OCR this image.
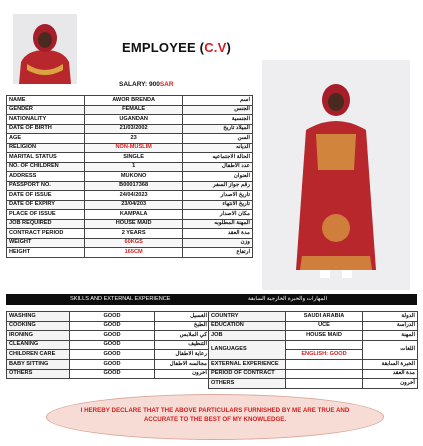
EMPLOYEE (C.V)
SALARY: 900SAR
NAME	AWOR BRENDA	اسم
GENDER	FEMALE	الجنس
NATIONALITY	UGANDAN	الجنسية
DATE OF BIRTH	21/03/2002	الميلاد تاريخ
AGE	23	السن
RELIGION	NON-MUSLIM	الديانه
MARITAL STATUS	SINGLE	الحالة الاجتماعيه
NO. OF CHILDREN	1	عدد الاطفال
ADDRESS	MUKONO	العنوان
PASSPORT NO.	B00017368	رقم جواز السفر
DATE OF ISSUE	24/04/2023	تاريخ الاصدار
DATE OF EXPIRY	23/04/203	تاريخ الانتهاء
PLACE OF ISSUE	KAMPALA	مكان الاصدار
JOB REQUIRED	HOUSE MAID	المهنة المطلوبه
CONTRACT PERIOD	2 YEARS	مدة العقد
WEIGHT	60KGS	وزن
HEIGHT	165CM	ارتفاع
SKILLS AND EXTERNAL EXPERIENCE	المهارات والخبرة الخارجية السابقة
WASHING	GOOD	الغسيل
COOKING	GOOD	الطبخ
IRONING	GOOD	كي الملابس
CLEANING	GOOD	التنظيف
CHILDREN CARE	GOOD	رعاية الاطفال
BABY SITTING	GOOD	مجالسه الاطفال
OTHERS	GOOD	أخرون
COUNTRY	SAUDI ARABIA	الدولة
EDUCATION	UCE	الدراسة
JOB	HOUSE MAID	المهنة
LANGUAGES		اللغات
	ENGLISH: GOOD	
EXTERNAL EXPERIENCE		الخبرة السابقة
PERIOD OF CONTRACT		مدة العقد
OTHERS		أخرون

I HEREBY DECLARE THAT THE ABOVE PARTICULARS FURNISHED BY ME ARE TRUE AND ACCURATE TO THE BEST OF MY KNOWLEDGE.
